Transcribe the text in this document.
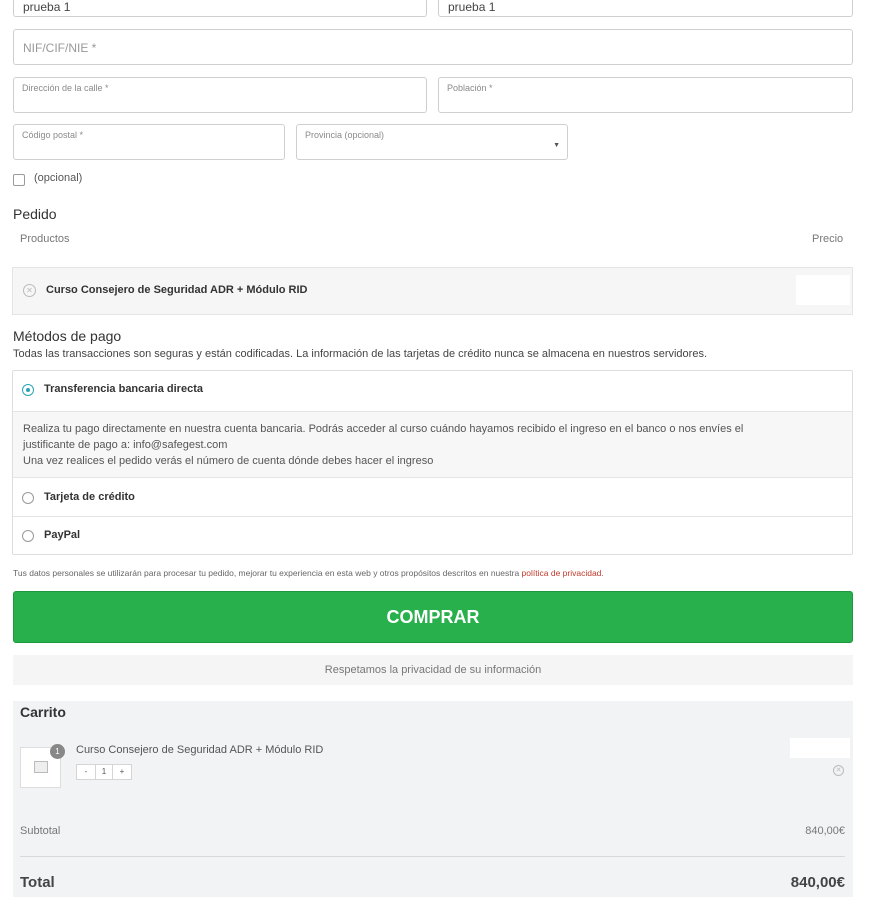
prueba 1	prueba 1
NIF/CIF/NIE *
Dirección de la calle *	Población *
Código postal *	Provincia (opcional)
▼
(opcional)
Pedido
Productos	Precio
✕ Curso Consejero de Seguridad ADR + Módulo RID
Métodos de pago
Todas las transacciones son seguras y están codificadas. La información de las tarjetas de crédito nunca se almacena en nuestros servidores.
Transferencia bancaria directa
Realiza tu pago directamente en nuestra cuenta bancaria. Podrás acceder al curso cuándo hayamos recibido el ingreso en el banco o nos envíes el
justificante de pago a: info@safegest.com
Una vez realices el pedido verás el número de cuenta dónde debes hacer el ingreso
Tarjeta de crédito
PayPal
Tus datos personales se utilizarán para procesar tu pedido, mejorar tu experiencia en esta web y otros propósitos descritos en nuestra política de privacidad.
COMPRAR
Respetamos la privacidad de su información
Carrito
1	Curso Consejero de Seguridad ADR + Módulo RID
-	1	+	✕
Subtotal	840,00€
Total	840,00€
